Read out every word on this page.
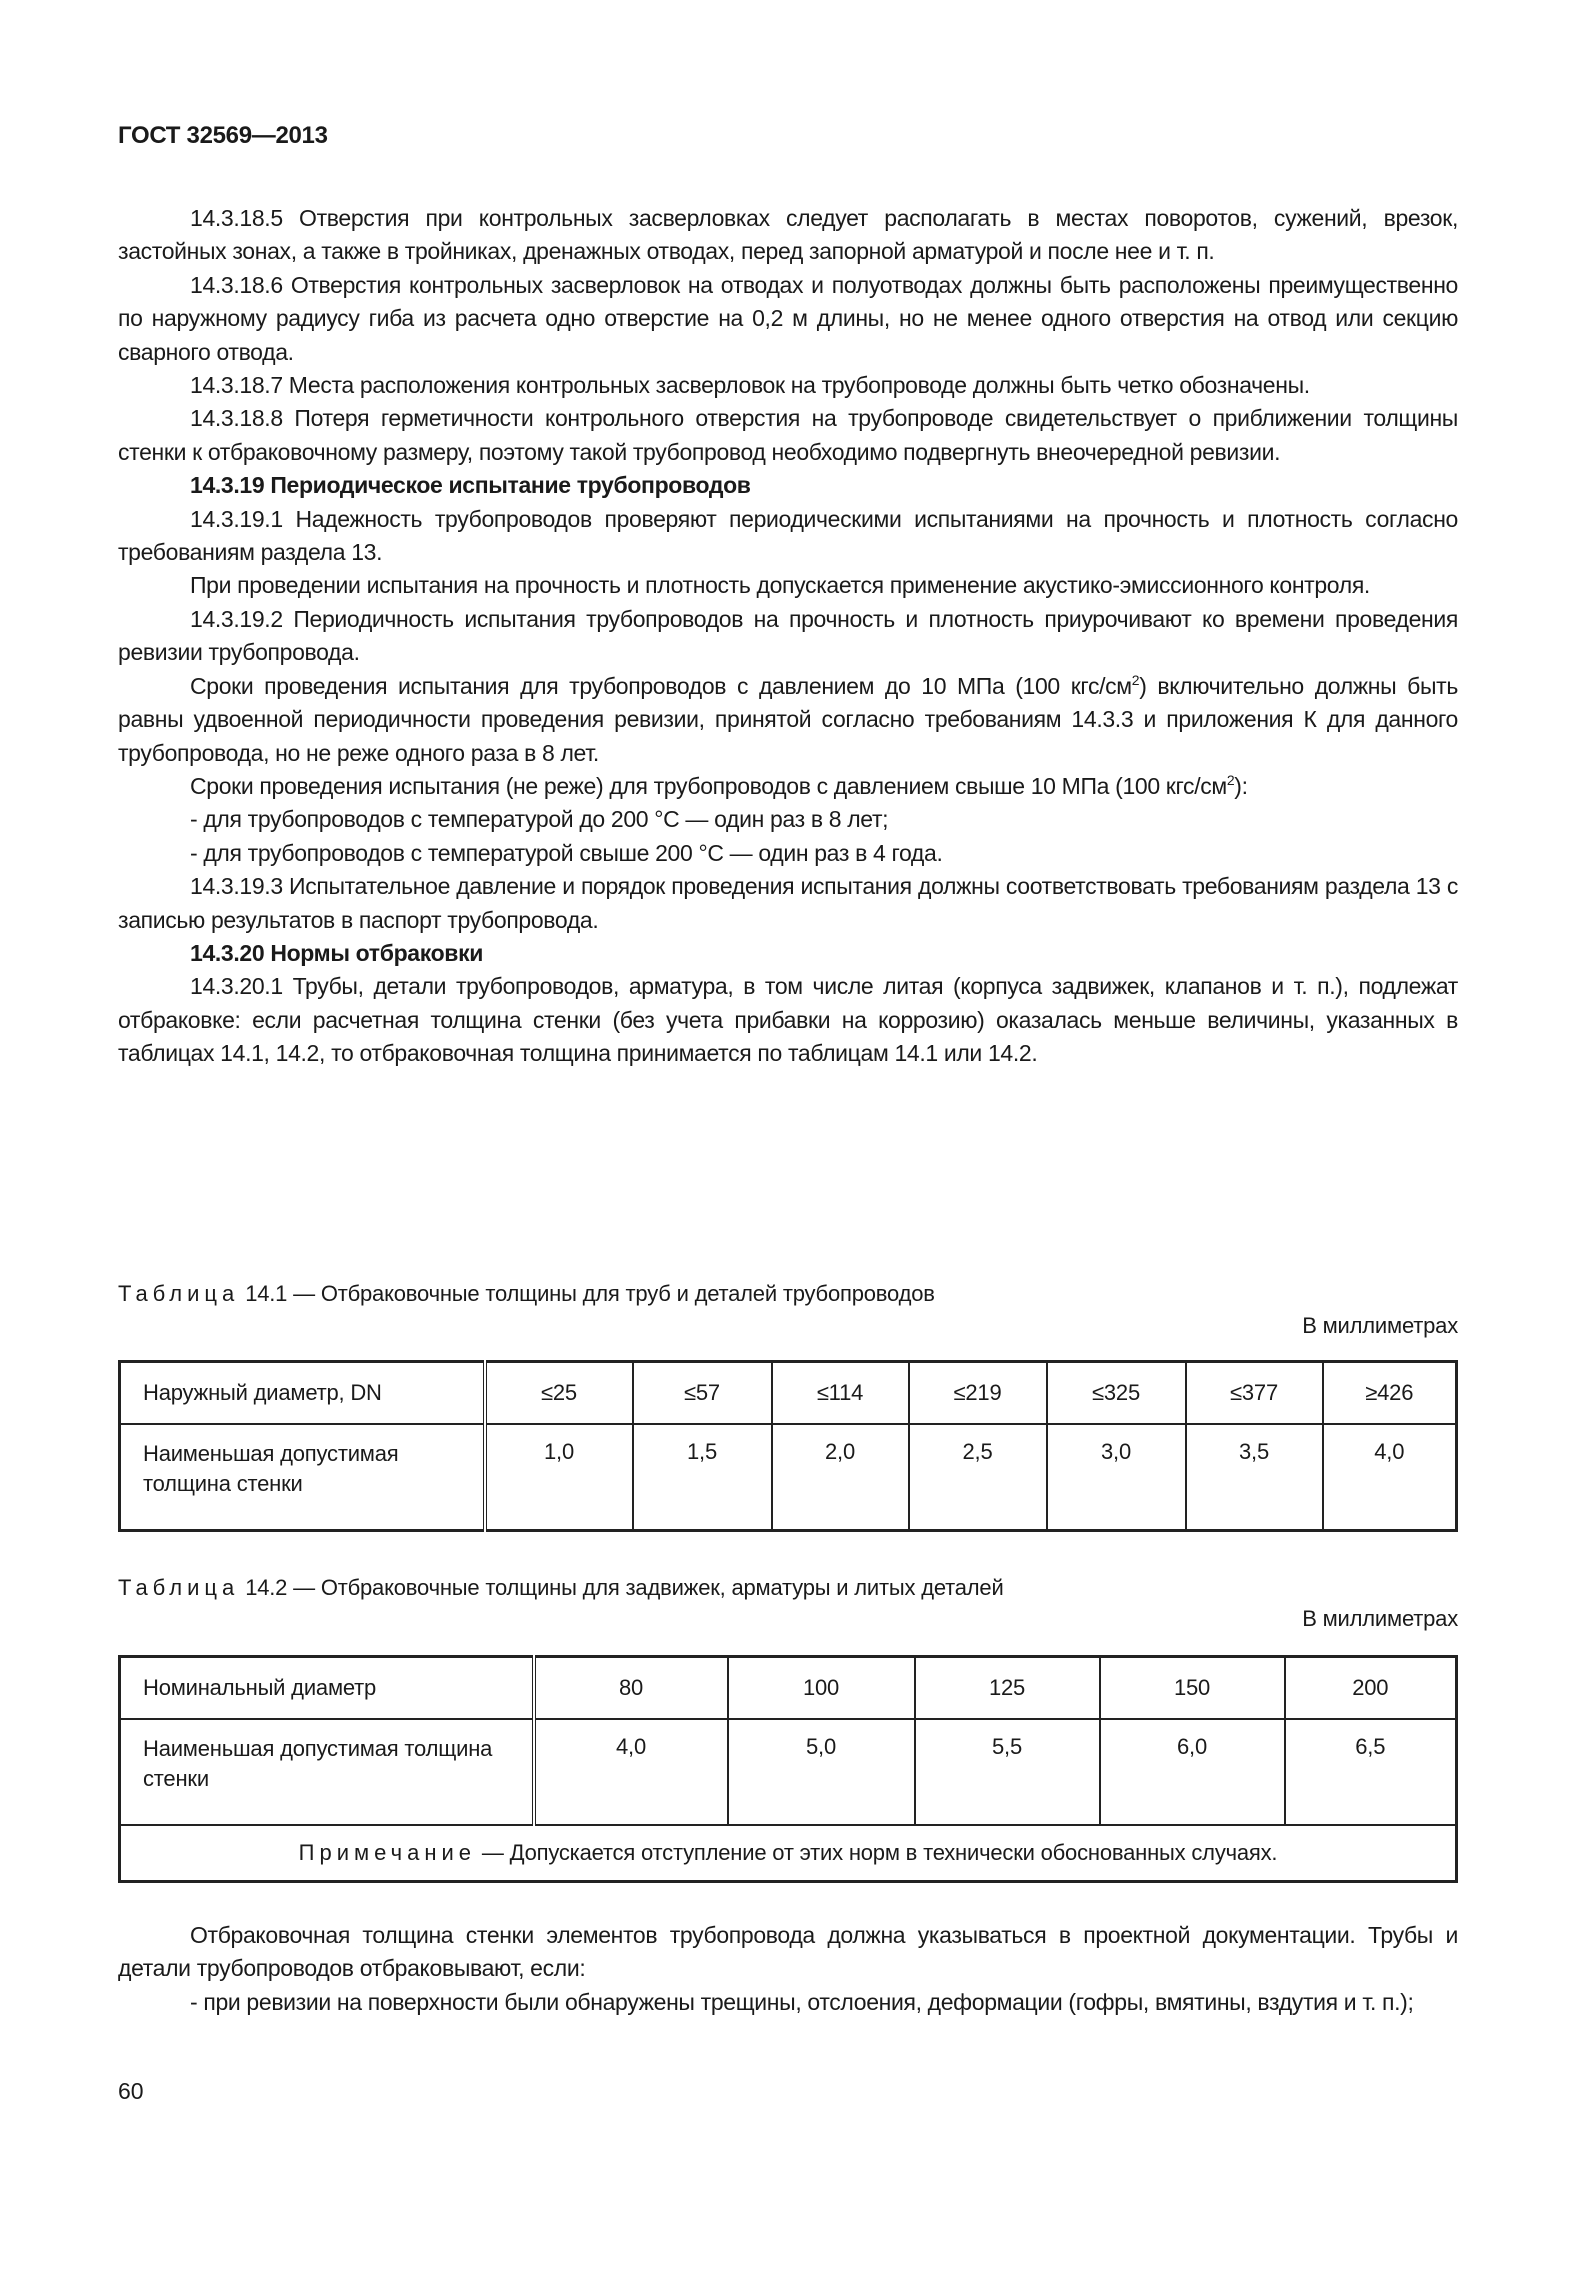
ГОСТ 32569—2013

14.3.18.5 Отверстия при контрольных засверловках следует располагать в местах поворотов, сужений, врезок, застойных зонах, а также в тройниках, дренажных отводах, перед запорной арматурой и после нее и т. п.

14.3.18.6 Отверстия контрольных засверловок на отводах и полуотводах должны быть расположены преимущественно по наружному радиусу гиба из расчета одно отверстие на 0,2 м длины, но не менее одного отверстия на отвод или секцию сварного отвода.

14.3.18.7 Места расположения контрольных засверловок на трубопроводе должны быть четко обозначены.

14.3.18.8 Потеря герметичности контрольного отверстия на трубопроводе свидетельствует о приближении толщины стенки к отбраковочному размеру, поэтому такой трубопровод необходимо подвергнуть внеочередной ревизии.

14.3.19 Периодическое испытание трубопроводов

14.3.19.1 Надежность трубопроводов проверяют периодическими испытаниями на прочность и плотность согласно требованиям раздела 13.

При проведении испытания на прочность и плотность допускается применение акустико-эмиссионного контроля.

14.3.19.2 Периодичность испытания трубопроводов на прочность и плотность приурочивают ко времени проведения ревизии трубопровода.

Сроки проведения испытания для трубопроводов с давлением до 10 МПа (100 кгс/$см^2$) включительно должны быть равны удвоенной периодичности проведения ревизии, принятой согласно требованиям 14.3.3 и приложения К для данного трубопровода, но не реже одного раза в 8 лет.

Сроки проведения испытания (не реже) для трубопроводов с давлением свыше 10 МПа (100 кгс/$см^2$):

- для трубопроводов с температурой до 200 °С — один раз в 8 лет;

- для трубопроводов с температурой свыше 200 °С — один раз в 4 года.

14.3.19.3 Испытательное давление и порядок проведения испытания должны соответствовать требованиям раздела 13 с записью результатов в паспорт трубопровода.

14.3.20 Нормы отбраковки

14.3.20.1 Трубы, детали трубопроводов, арматура, в том числе литая (корпуса задвижек, клапанов и т. п.), подлежат отбраковке: если расчетная толщина стенки (без учета прибавки на коррозию) оказалась меньше величины, указанных в таблицах 14.1, 14.2, то отбраковочная толщина принимается по таблицам 14.1 или 14.2.

Таблица 14.1 — Отбраковочные толщины для труб и деталей трубопроводов
В миллиметрах
Наружный диаметр, DN	≤25	≤57	≤114	≤219	≤325	≤377	≥426
Наименьшая допустимая толщина стенки	1,0	1,5	2,0	2,5	3,0	3,5	4,0
Таблица 14.2 — Отбраковочные толщины для задвижек, арматуры и литых деталей
В миллиметрах
Номинальный диаметр	80	100	125	150	200
Наименьшая допустимая толщина стенки	4,0	5,0	5,5	6,0	6,5
Примечание — Допускается отступление от этих норм в технически обоснованных случаях.					

Отбраковочная толщина стенки элементов трубопровода должна указываться в проектной документации. Трубы и детали трубопроводов отбраковывают, если:

- при ревизии на поверхности были обнаружены трещины, отслоения, деформации (гофры, вмятины, вздутия и т. п.);

60
